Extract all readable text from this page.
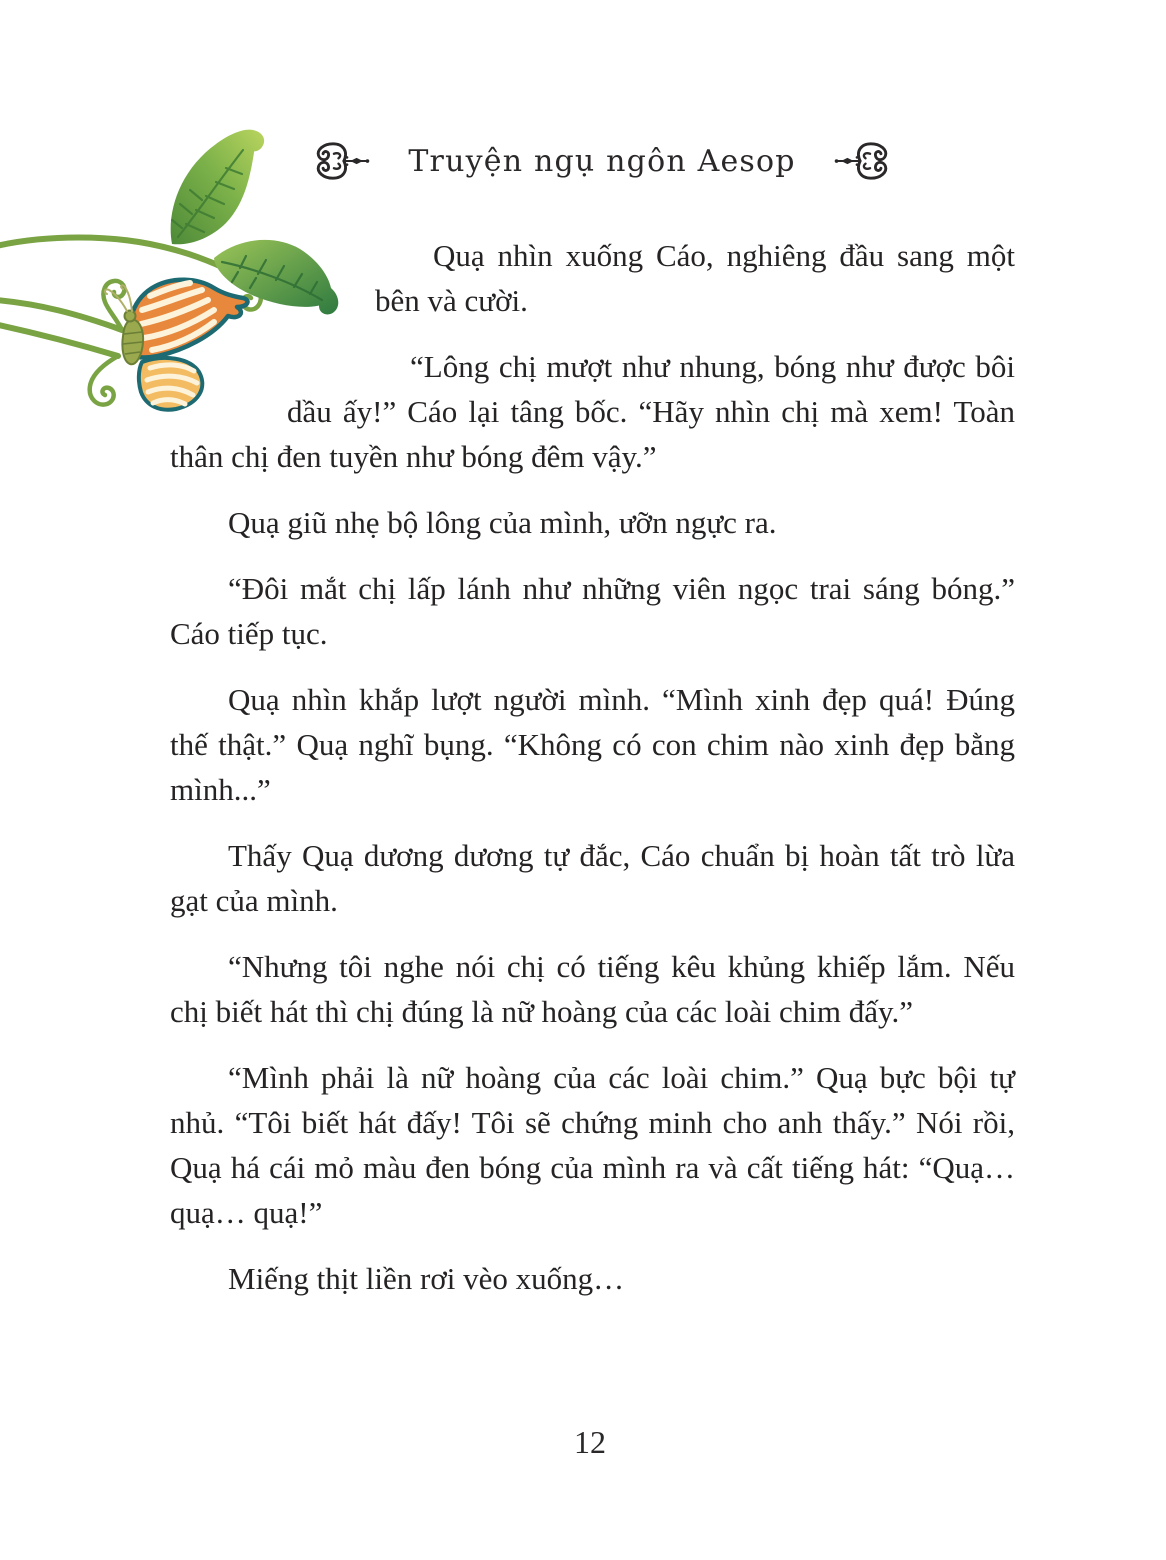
Truyện ngụ ngôn Aesop

Quạ nhìn xuống Cáo, nghiêng đầu sang một bên và cười.

“Lông chị mượt như nhung, bóng như được bôi dầu ấy!” Cáo lại tâng bốc. “Hãy nhìn chị mà xem! Toàn thân chị đen tuyền như bóng đêm vậy.”

Quạ giũ nhẹ bộ lông của mình, ưỡn ngực ra.

“Đôi mắt chị lấp lánh như những viên ngọc trai sáng bóng.” Cáo tiếp tục.

Quạ nhìn khắp lượt người mình. “Mình xinh đẹp quá! Đúng thế thật.” Quạ nghĩ bụng. “Không có con chim nào xinh đẹp bằng mình...”

Thấy Quạ dương dương tự đắc, Cáo chuẩn bị hoàn tất trò lừa gạt của mình.

“Nhưng tôi nghe nói chị có tiếng kêu khủng khiếp lắm. Nếu chị biết hát thì chị đúng là nữ hoàng của các loài chim đấy.”

“Mình phải là nữ hoàng của các loài chim.” Quạ bực bội tự nhủ. “Tôi biết hát đấy! Tôi sẽ chứng minh cho anh thấy.” Nói rồi, Quạ há cái mỏ màu đen bóng của mình ra và cất tiếng hát: “Quạ… quạ… quạ!”

Miếng thịt liền rơi vèo xuống…

12
